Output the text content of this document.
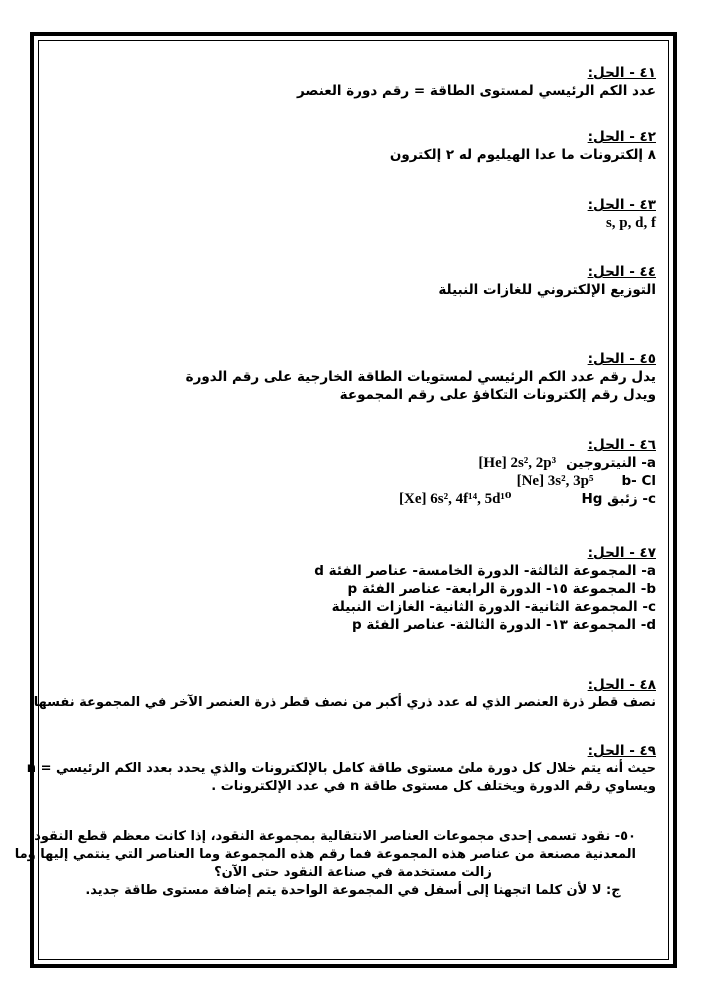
٤١ - الحل:
عدد الكم الرئيسي لمستوى الطاقة = رقم دورة العنصر
٤٢ - الحل:
٨ إلكترونات ما عدا الهيليوم له ٢ إلكترون
٤٣ - الحل:
s, p, d, f
٤٤ - الحل:
التوزيع الإلكتروني للغازات النبيلة
٤٥ - الحل:
يدل رقم عدد الكم الرئيسي لمستويات الطاقة الخارجية على رقم الدورة
ويدل رقم إلكترونات التكافؤ على رقم المجموعة
٤٦ - الحل:
a- النيتروجين
[He] 2s², 2p³
b- Cl
[Ne] 3s², 3p⁵
c- زئبق Hg
[Xe] 6s², 4f¹⁴, 5d¹⁰
٤٧ - الحل:
a- المجموعة الثالثة- الدورة الخامسة- عناصر الفئة d
b- المجموعة ١٥- الدورة الرابعة- عناصر الفئة p
c- المجموعة الثانية- الدورة الثانية- الغازات النبيلة
d- المجموعة ١٣- الدورة الثالثة- عناصر الفئة p
٤٨ - الحل:
نصف قطر ذرة العنصر الذي له عدد ذري أكبر من نصف قطر ذرة العنصر الآخر في المجموعة نفسها.
٤٩ - الحل:
حيث أنه يتم خلال كل دورة ملئ مستوى طاقة كامل بالإلكترونات والذي يحدد بعدد الكم الرئيسي = n
ويساوي رقم الدورة ويختلف كل مستوى طاقة n في عدد الإلكترونات .
٥٠- نقود تسمى إحدى مجموعات العناصر الانتقالية بمجموعة النقود، إذا كانت معظم قطع النقود
المعدنية مصنعة من عناصر هذه المجموعة فما رقم هذه المجموعة وما العناصر التي ينتمي إليها وما
زالت مستخدمة في صناعة النقود حتى الآن؟
ج: لا لأن كلما اتجهنا إلى أسفل في المجموعة الواحدة يتم إضافة مستوى طاقة جديد.
